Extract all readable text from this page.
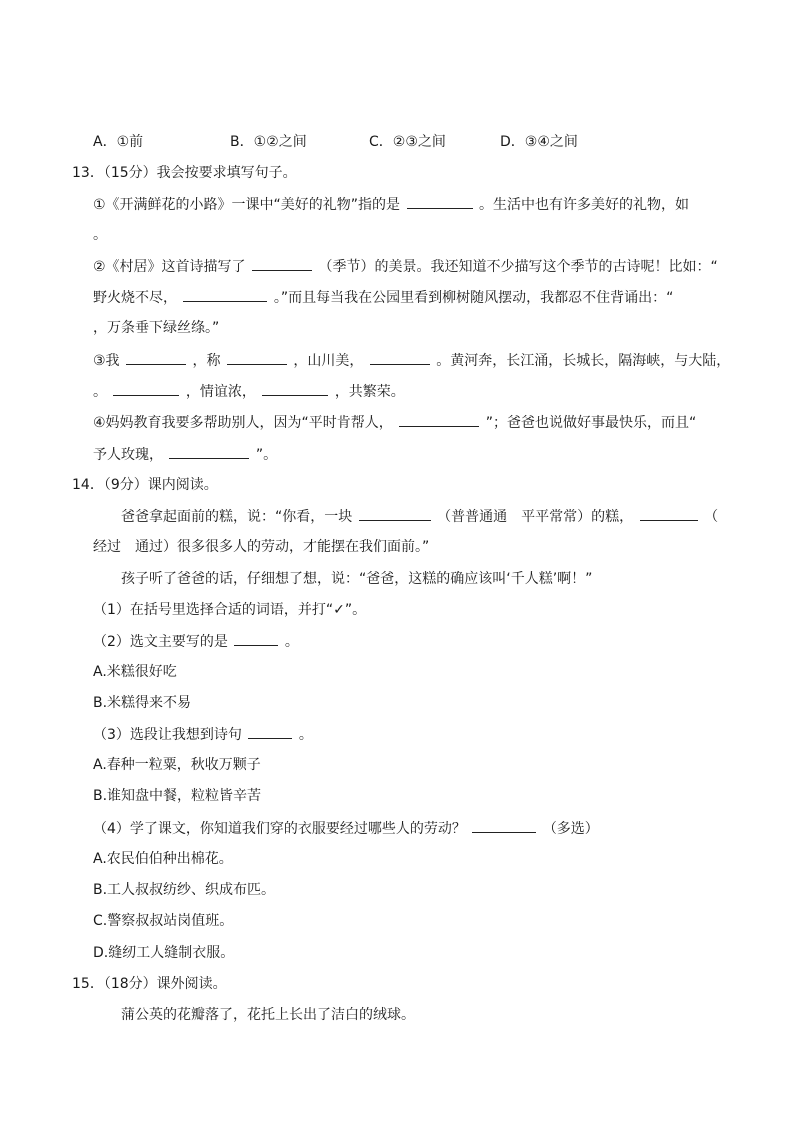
A．①前	B．①②之间	C．②③之间	D．③④之间
13．（15分）我会按要求填写句子。
①《开满鲜花的小路》一课中“美好的礼物”指的是	。生活中也有许多美好的礼物，如
。
②《村居》这首诗描写了	（季节）的美景。我还知道不少描写这个季节的古诗呢！比如：“
野火烧不尽，	。”而且每当我在公园里看到柳树随风摆动，我都忍不住背诵出：“
，万条垂下绿丝绦。”
③我	，称	，山川美，	。黄河奔，长江涌，长城长，隔海峡，与大陆，
。	，情谊浓，	，共繁荣。
④妈妈教育我要多帮助别人，因为“平时肯帮人，	”；爸爸也说做好事最快乐，而且“
予人玫瑰，	”。
14．（9分）课内阅读。
爸爸拿起面前的糕，说：“你看，一块	（普普通通　平平常常）的糕，	（
经过　通过）很多很多人的劳动，才能摆在我们面前。”
孩子听了爸爸的话，仔细想了想，说：“爸爸，这糕的确应该叫‘千人糕’啊！”
（1）在括号里选择合适的词语，并打“✓”。
（2）选文主要写的是	。
A.米糕很好吃
B.米糕得来不易
（3）选段让我想到诗句	。
A.春种一粒粟，秋收万颗子
B.谁知盘中餐，粒粒皆辛苦
（4）学了课文，你知道我们穿的衣服要经过哪些人的劳动？	（多选）
A.农民伯伯种出棉花。
B.工人叔叔纺纱、织成布匹。
C.警察叔叔站岗值班。
D.缝纫工人缝制衣服。
15．（18分）课外阅读。
蒲公英的花瓣落了，花托上长出了洁白的绒球。
